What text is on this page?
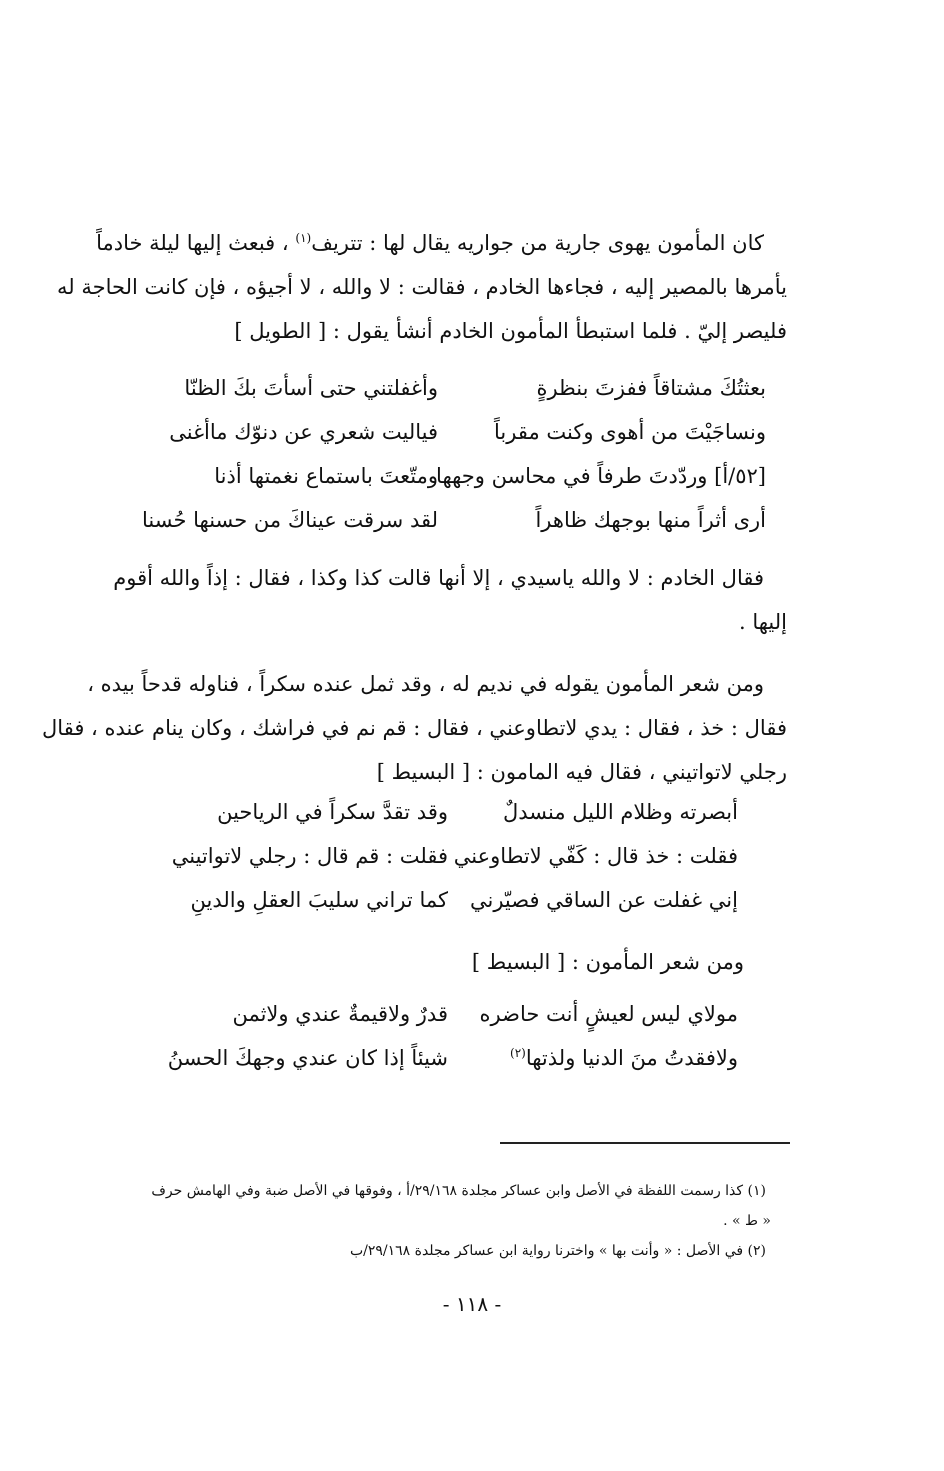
كان المأمون يهوى جارية من جواريه يقال لها : تتريف$^{(١)}$ ، فبعث إليها ليلة خادماً
يأمرها بالمصير إليه ، فجاءها الخادم ، فقالت : لا والله ، لا أجيؤه ، فإن كانت الحاجة له
فليصر إليّ . فلما استبطأ المأمون الخادم أنشأ يقول : [ الطويل ]
بعثتُكَ مشتاقاً ففزتَ بنظرةٍ
وأغفلتني حتى أسأتَ بكَ الظنّا
ونساجَيْتَ من أهوى وكنت مقرباً
فياليت شعري عن دنوّك ماأغنى
[٥٢/أ] وردّدتَ طرفاً في محاسن وجهها
ومتّعتَ باستماع نغمتها أذنا
أرى أثراً منها بوجهك ظاهراً
لقد سرقت عيناكَ من حسنها حُسنا
فقال الخادم : لا والله ياسيدي ، إلا أنها قالت كذا وكذا ، فقال : إذاً والله أقوم
إليها .
ومن شعر المأمون يقوله في نديم له ، وقد ثمل عنده سكراً ، فناوله قدحاً بيده ،
فقال : خذ ، فقال : يدي لاتطاوعني ، فقال : قم نم في فراشك ، وكان ينام عنده ، فقال
رجلي لاتواتيني ، فقال فيه المامون : [ البسيط ]
أبصرته وظلام الليل منسدلٌ
وقد تقدَّ سكراً في الرياحين
فقلت : خذ قال : كَفّي لاتطاوعني
فقلت : قم قال : رجلي لاتواتيني
إني غفلت عن الساقي فصيّرني
كما تراني سليبَ العقلِ والدينِ
ومن شعر المأمون : [ البسيط ]
مولاي ليس لعيشٍ أنت حاضره
قدرٌ ولاقيمةٌ عندي ولاثمن
ولافقدتُ منَ الدنيا ولذتها$^{(٢)}$
شيئاً إذا كان عندي وجهكَ الحسنُ
(١) كذا رسمت اللفظة في الأصل وابن عساكر مجلدة ٢٩/١٦٨/أ ، وفوقها في الأصل ضبة وفي الهامش حرف
« ط » .
(٢) في الأصل : « وأنت بها » واخترنا رواية ابن عساكر مجلدة ٢٩/١٦٨/ب
- ١١٨ -
